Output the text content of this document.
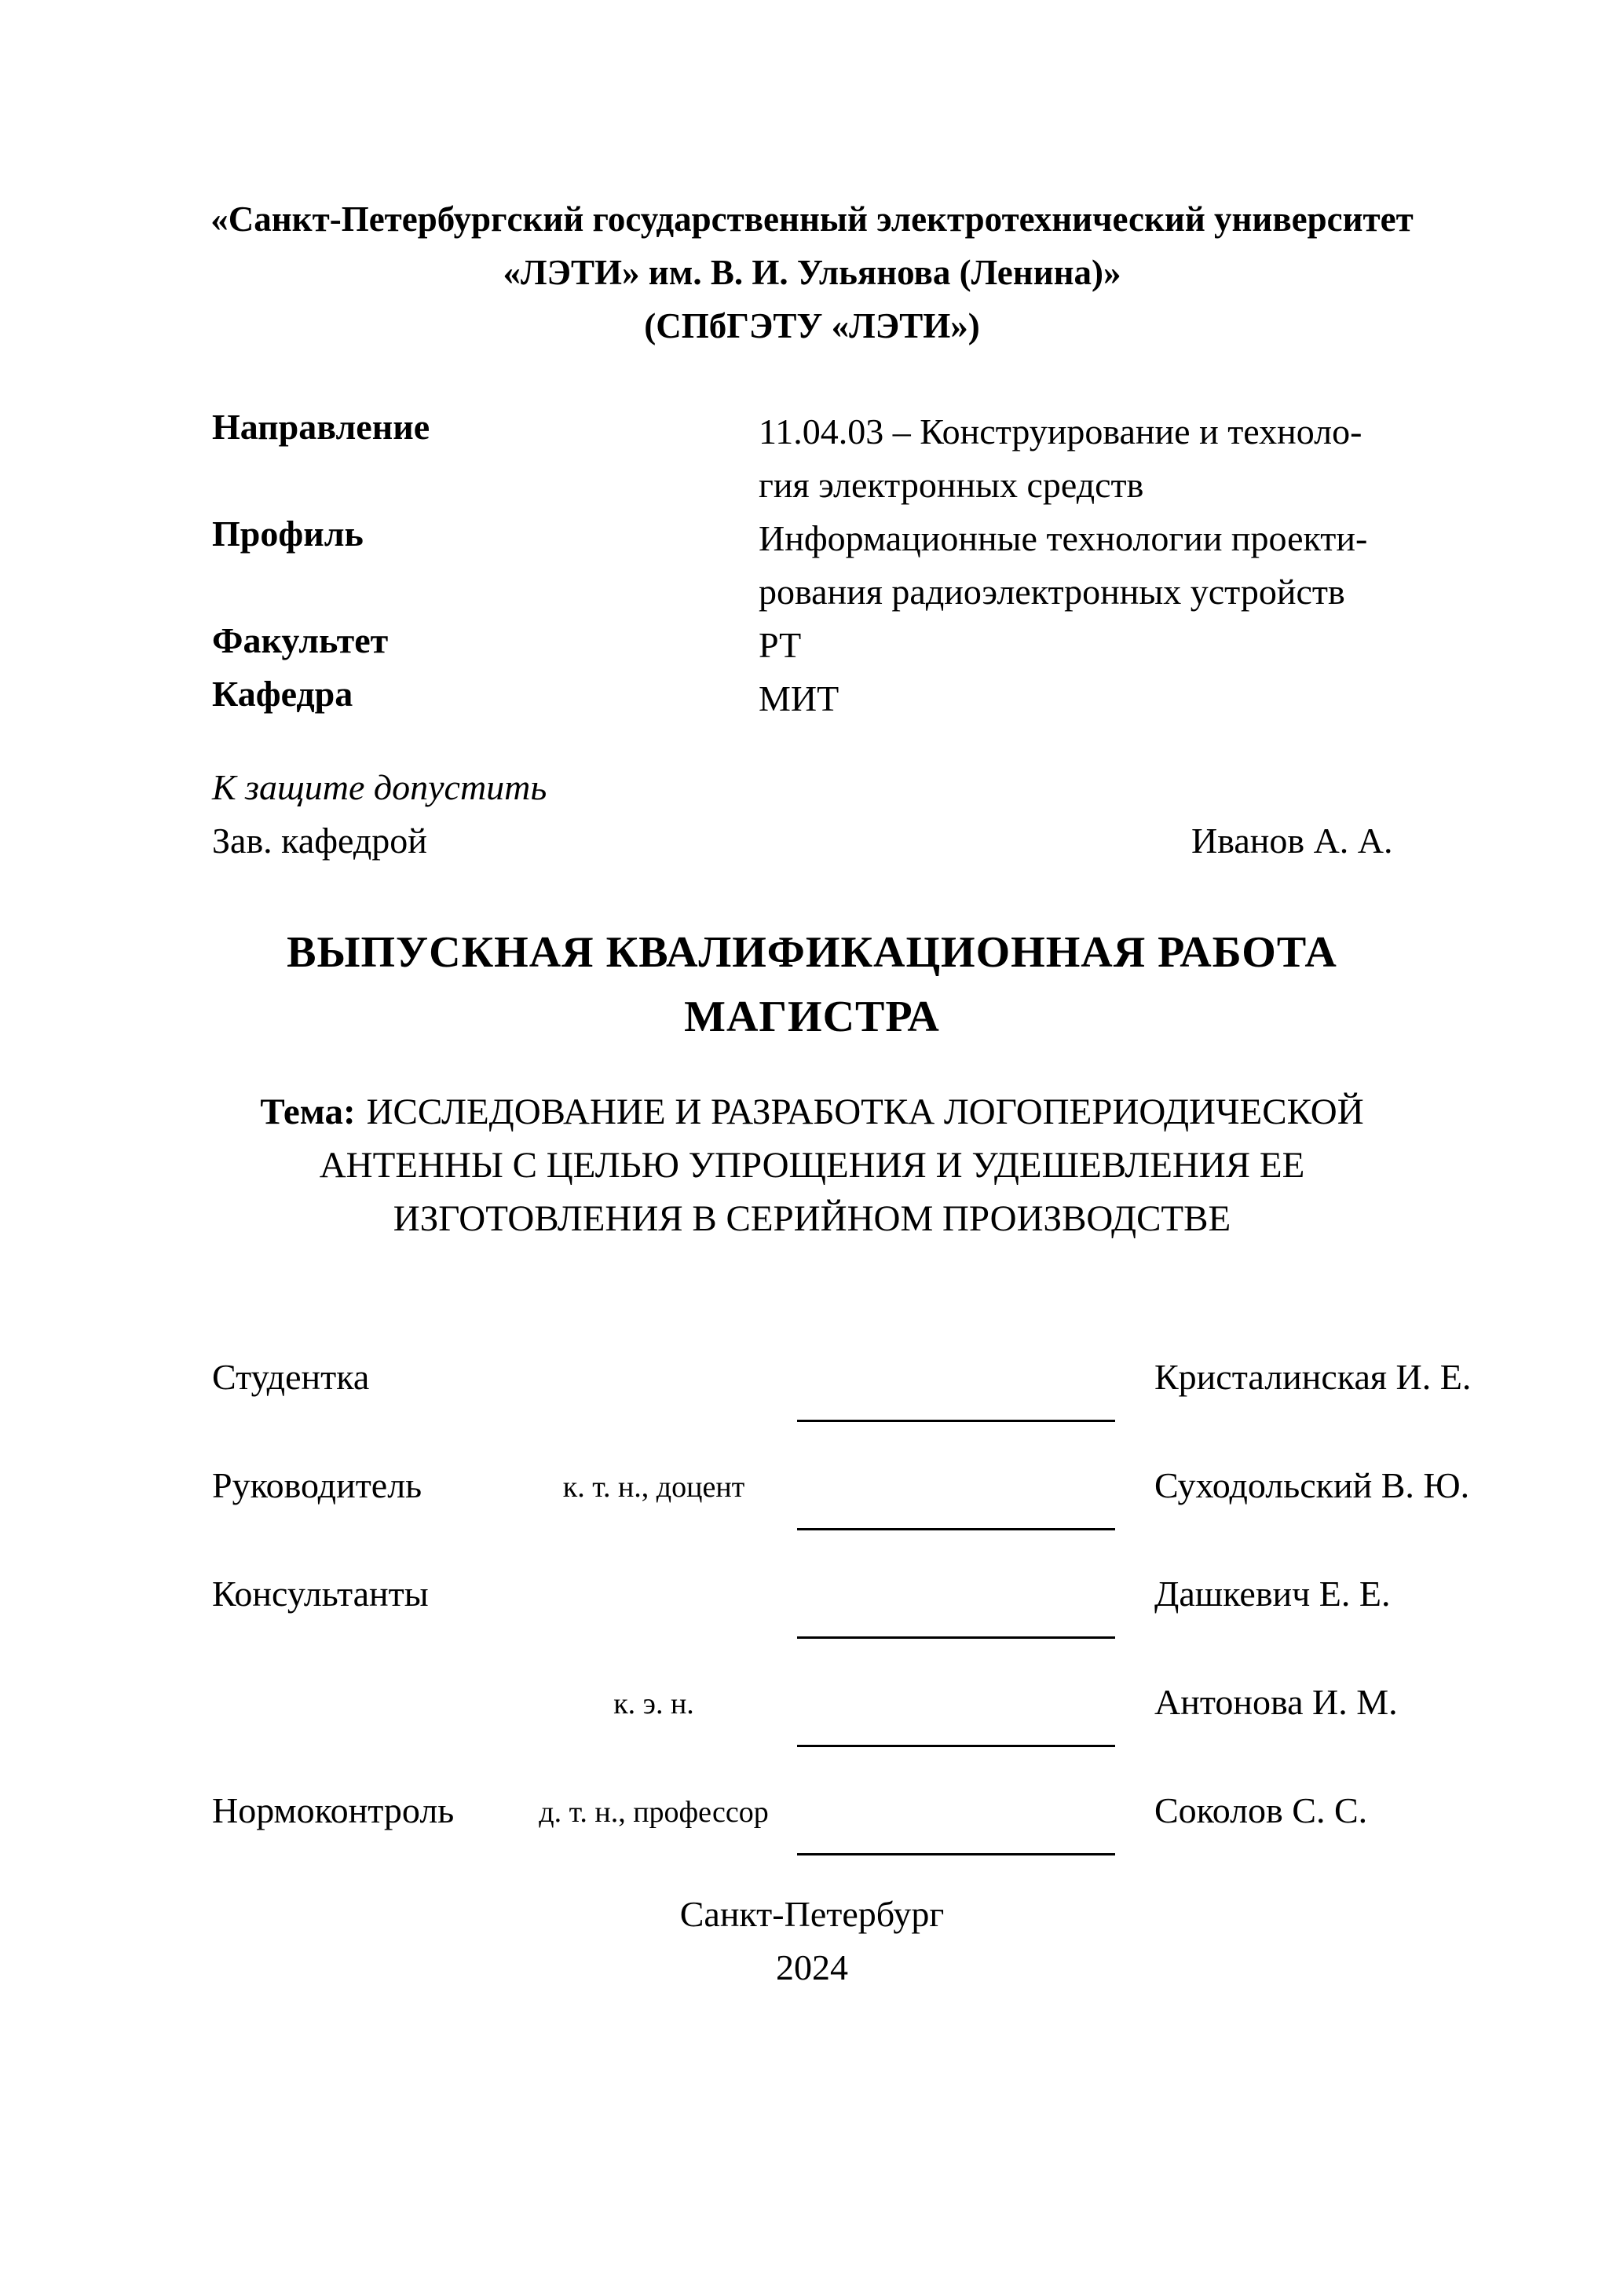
«Санкт-Петербургский государственный электротехнический университет
«ЛЭТИ» им. В. И. Ульянова (Ленина)»
(СПбГЭТУ «ЛЭТИ»)
Направление	11.04.03 – Конструирование и техноло-
гия электронных средств
Профиль	Информационные технологии проекти-
рования радиоэлектронных устройств
Факультет	РТ
Кафедра	МИТ
К защите допустить
Зав. кафедрой	Иванов А. А.
ВЫПУСКНАЯ КВАЛИФИКАЦИОННАЯ РАБОТА
МАГИСТРА
Тема: ИССЛЕДОВАНИЕ И РАЗРАБОТКА ЛОГОПЕРИОДИЧЕСКОЙ
АНТЕННЫ С ЦЕЛЬЮ УПРОЩЕНИЯ И УДЕШЕВЛЕНИЯ ЕЕ
ИЗГОТОВЛЕНИЯ В СЕРИЙНОМ ПРОИЗВОДСТВЕ
Студентка	Кристалинская И. Е.
Руководитель	к. т. н., доцент	Суходольский В. Ю.
Консультанты	Дашкевич Е. Е.
к. э. н.	Антонова И. М.
Нормоконтроль	д. т. н., профессор	Соколов С. С.
Санкт-Петербург
2024
